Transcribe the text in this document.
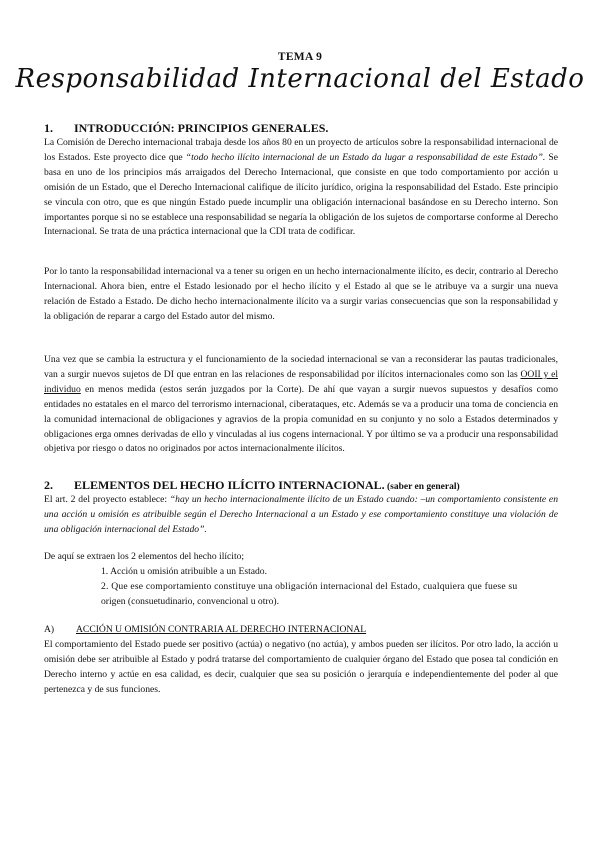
TEMA 9
Responsabilidad Internacional del Estado
1. INTRODUCCIÓN: PRINCIPIOS GENERALES.
La Comisión de Derecho internacional trabaja desde los años 80 en un proyecto de artículos sobre la responsabilidad internacional de los Estados. Este proyecto dice que “todo hecho ilícito internacional de un Estado da lugar a responsabilidad de este Estado”. Se basa en uno de los principios más arraigados del Derecho Internacional, que consiste en que todo comportamiento por acción u omisión de un Estado, que el Derecho Internacional califique de ilícito jurídico, origina la responsabilidad del Estado. Este principio se vincula con otro, que es que ningún Estado puede incumplir una obligación internacional basándose en su Derecho interno. Son importantes porque si no se establece una responsabilidad se negaría la obligación de los sujetos de comportarse conforme al Derecho Internacional. Se trata de una práctica internacional que la CDI trata de codificar.
Por lo tanto la responsabilidad internacional va a tener su origen en un hecho internacionalmente ilícito, es decir, contrario al Derecho Internacional. Ahora bien, entre el Estado lesionado por el hecho ilícito y el Estado al que se le atribuye va a surgir una nueva relación de Estado a Estado. De dicho hecho internacionalmente ilícito va a surgir varias consecuencias que son la responsabilidad y la obligación de reparar a cargo del Estado autor del mismo.
Una vez que se cambia la estructura y el funcionamiento de la sociedad internacional se van a reconsiderar las pautas tradicionales, van a surgir nuevos sujetos de DI que entran en las relaciones de responsabilidad por ilícitos internacionales como son las OOII y el individuo en menos medida (estos serán juzgados por la Corte). De ahí que vayan a surgir nuevos supuestos y desafíos como entidades no estatales en el marco del terrorismo internacional, ciberataques, etc. Además se va a producir una toma de conciencia en la comunidad internacional de obligaciones y agravios de la propia comunidad en su conjunto y no solo a Estados determinados y obligaciones erga omnes derivadas de ello y vinculadas al ius cogens internacional. Y por último se va a producir una responsabilidad objetiva por riesgo o datos no originados por actos internacionalmente ilícitos.
2. ELEMENTOS DEL HECHO ILÍCITO INTERNACIONAL. (saber en general)
El art. 2 del proyecto establece: “hay un hecho internacionalmente ilícito de un Estado cuando: –un comportamiento consistente en una acción u omisión es atribuible según el Derecho Internacional a un Estado y ese comportamiento constituye una violación de una obligación internacional del Estado”.
De aquí se extraen los 2 elementos del hecho ilícito;
1. Acción u omisión atribuible a un Estado.
2. Que ese comportamiento constituye una obligación internacional del Estado, cualquiera que fuese su
origen (consuetudinario, convencional u otro).
A) ACCIÓN U OMISIÓN CONTRARIA AL DERECHO INTERNACIONAL
El comportamiento del Estado puede ser positivo (actúa) o negativo (no actúa), y ambos pueden ser ilícitos. Por otro lado, la acción u omisión debe ser atribuible al Estado y podrá tratarse del comportamiento de cualquier órgano del Estado que posea tal condición en Derecho interno y actúe en esa calidad, es decir, cualquier que sea su posición o jerarquía e independientemente del poder al que pertenezca y de sus funciones.
